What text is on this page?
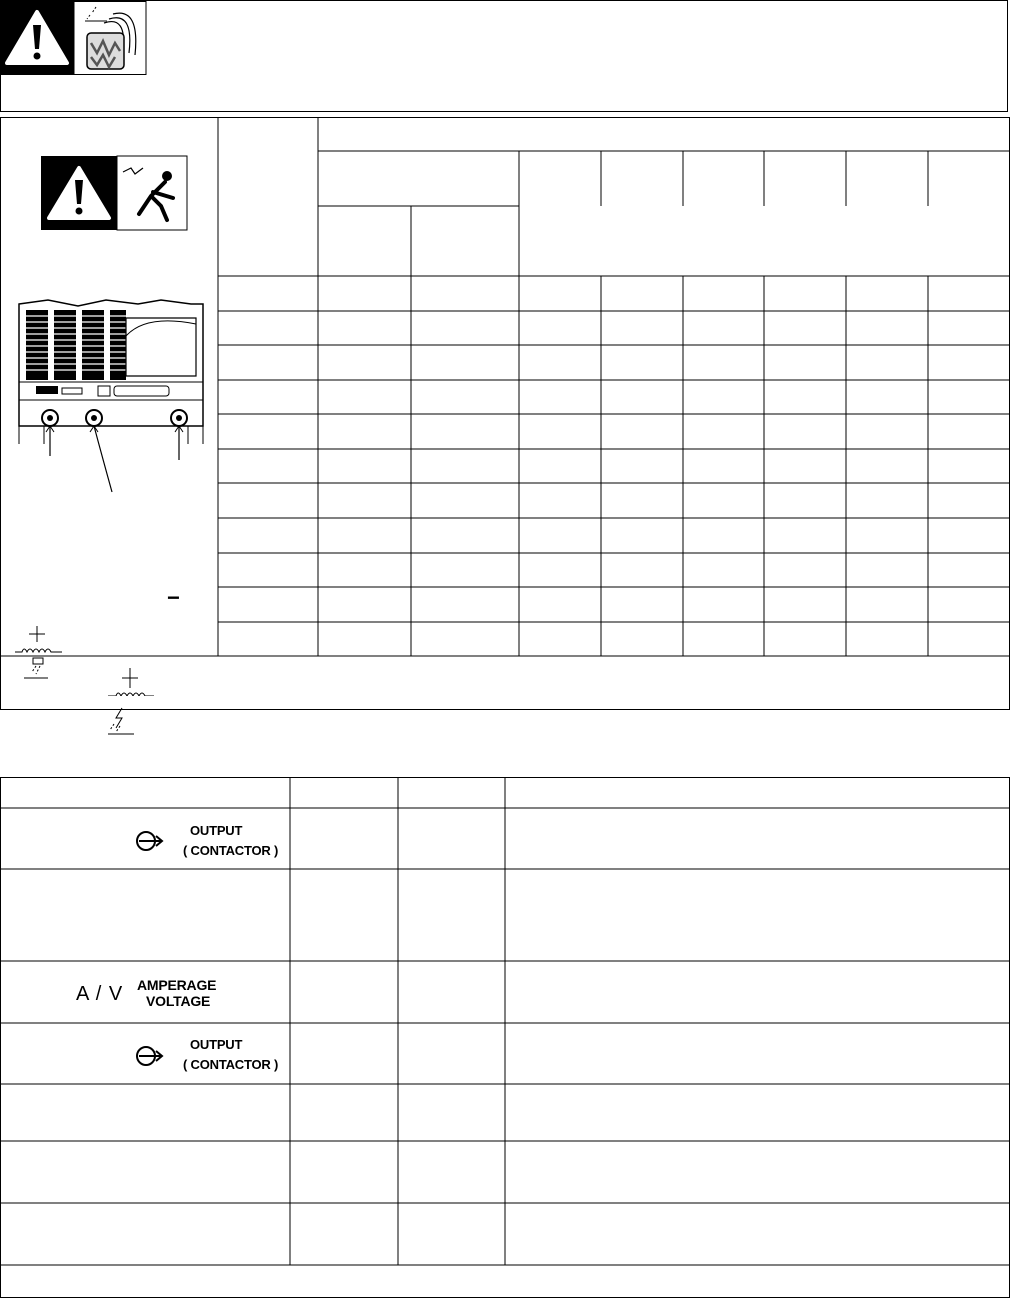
−
OUTPUT
( CONTACTOR )
A / V AMPERAGE
VOLTAGE
OUTPUT
( CONTACTOR )
